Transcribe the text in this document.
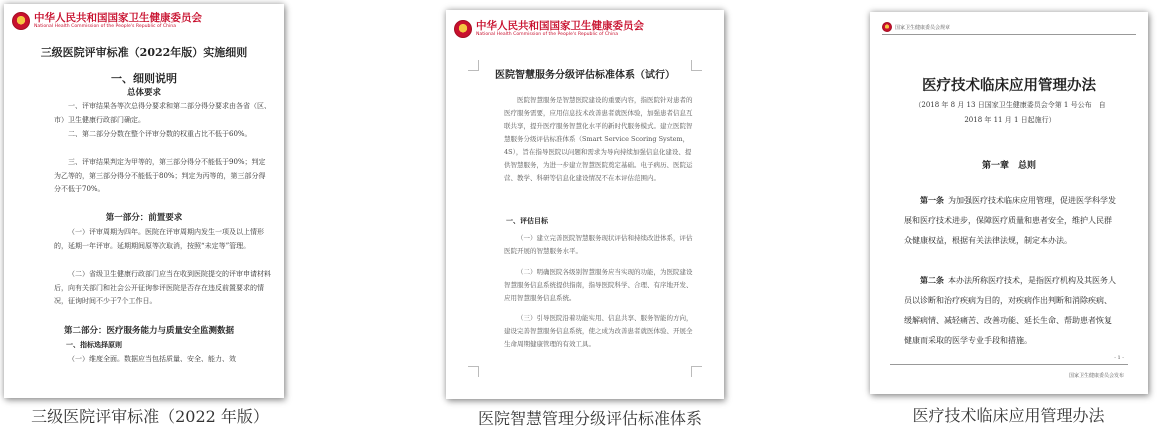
中华人民共和国国家卫生健康委员会
National Health Commission of the People's Republic of China
三级医院评审标准（2022年版）实施细则
一、细则说明
总体要求
一、评审结果各等次总得分要求和第二部分得分要求由各省（区、市）卫生健康行政部门确定。
二、第二部分分数在整个评审分数的权重占比不低于60%。
三、评审结果判定为甲等的，第三部分得分不能低于90%；判定为乙等的，第三部分得分不能低于80%；判定为丙等的，第三部分得分不低于70%。
第一部分：前置要求
（一）评审周期为四年。医院在评审周期内发生一项及以上情形的，延期一年评审。延期期间原等次取消，按照“未定等”管理。
（二）省级卫生健康行政部门应当在收到医院提交的评审申请材料后，向有关部门和社会公开征询参评医院是否存在违反前置要求的情况，征询时间不少于7个工作日。
第二部分：医疗服务能力与质量安全监测数据
一、指标选择原则
（一）维度全面。数据应当包括质量、安全、能力、效
三级医院评审标准（2022 年版）
中华人民共和国国家卫生健康委员会
National Health Commission of the People's Republic of China
医院智慧服务分级评估标准体系（试行）
医院智慧服务是智慧医院建设的重要内容，指医院针对患者的医疗服务需要，应用信息技术改善患者就医体验，加强患者信息互联共享，提升医疗服务智慧化水平的新时代服务模式。建立医院智慧服务分级评估标准体系（Smart Service Scoring System，4S），旨在指导医院以问题和需求为导向持续加强信息化建设、提供智慧服务，为进一步建立智慧医院奠定基础。电子病历、医院运营、教学、科研等信息化建设情况不在本评估范围内。
一、评估目标
（一）建立完善医院智慧服务现状评估和持续改进体系，评估医院开展的智慧服务水平。
（二）明确医院各级别智慧服务应当实现的功能，为医院建设智慧服务信息系统提供指南，指导医院科学、合理、有序地开发、应用智慧服务信息系统。
（三）引导医院沿着功能实用、信息共享、服务智能的方向，建设完善智慧服务信息系统，使之成为改善患者就医体验、开展全生命周期健康管理的有效工具。
医院智慧管理分级评估标准体系
国家卫生健康委员会规章
医疗技术临床应用管理办法
（2018 年 8 月 13 日国家卫生健康委员会令第 1 号公布　自 2018 年 11 月 1 日起施行）
第一章　总则
第一条 为加强医疗技术临床应用管理，促进医学科学发展和医疗技术进步，保障医疗质量和患者安全，维护人民群众健康权益，根据有关法律法规，制定本办法。
第二条 本办法所称医疗技术，是指医疗机构及其医务人员以诊断和治疗疾病为目的，对疾病作出判断和消除疾病、缓解病情、减轻痛苦、改善功能、延长生命、帮助患者恢复健康而采取的医学专业手段和措施。
- 1 -
国家卫生健康委员会发布
医疗技术临床应用管理办法
